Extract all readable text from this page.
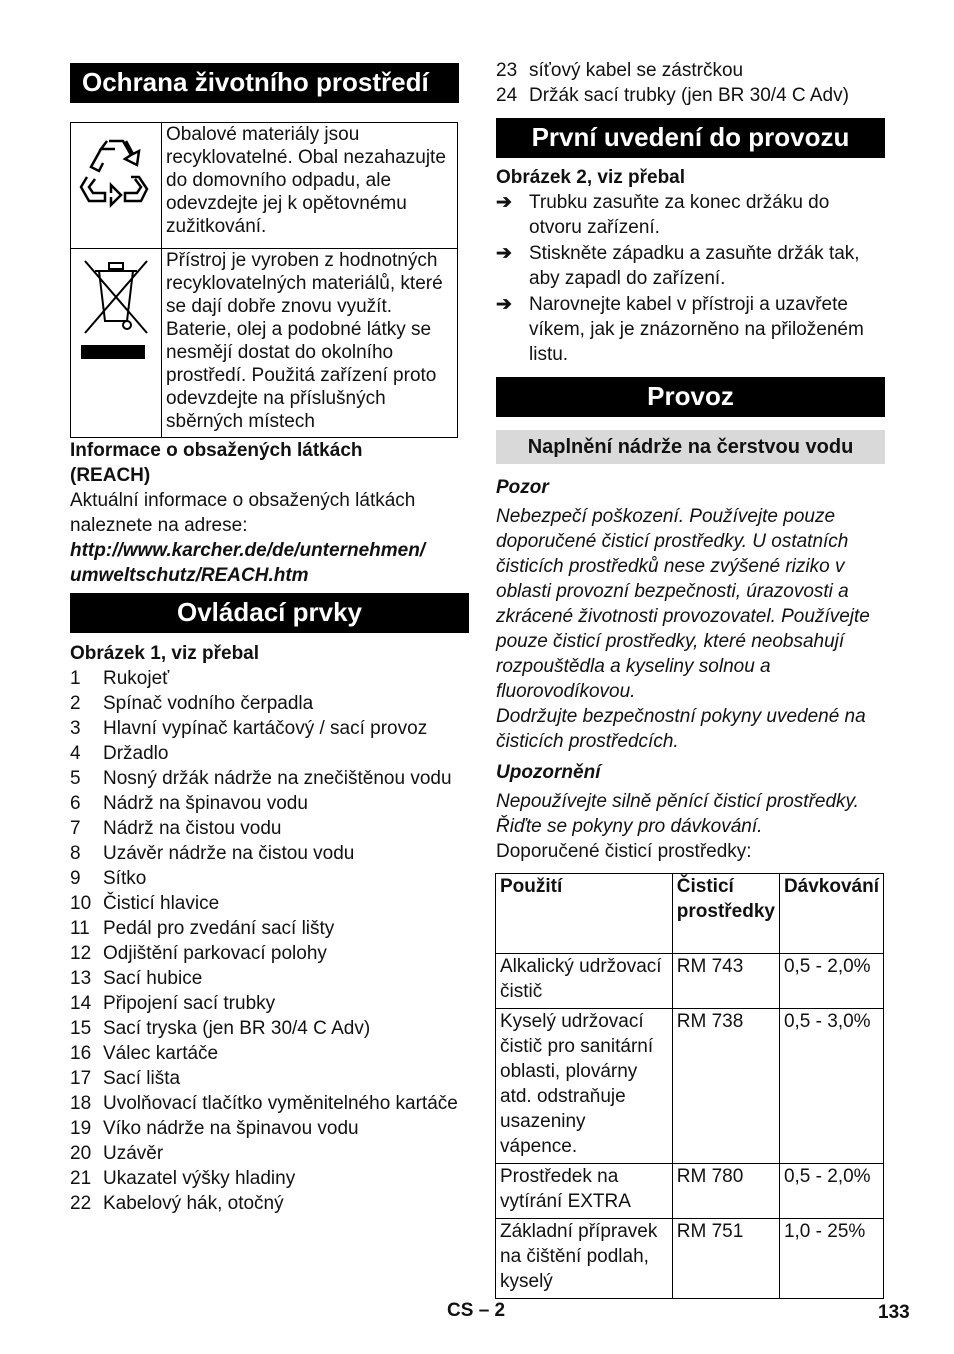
Ochrana životního prostředí
	Obalové materiály jsou recyklovatelné. Obal nezahazujte do domovního odpadu, ale odevzdejte jej k opětovnému zužitkování.
	Přístroj je vyroben z hodnotných recyklovatelných materiálů, které se dají dobře znovu využít. Baterie, olej a podobné látky se nesmějí dostat do okolního prostředí. Použitá zařízení proto odevzdejte na příslušných sběrných místech
Informace o obsažených látkách
(REACH)
Aktuální informace o obsažených látkách naleznete na adrese:
http://www.karcher.de/de/unternehmen/
umweltschutz/REACH.htm
Ovládací prvky
Obrázek 1, viz přebal
1	Rukojeť
2	Spínač vodního čerpadla
3	Hlavní vypínač kartáčový / sací provoz
4	Držadlo
5	Nosný držák nádrže na znečištěnou vodu
6	Nádrž na špinavou vodu
7	Nádrž na čistou vodu
8	Uzávěr nádrže na čistou vodu
9	Sítko
10 Čisticí hlavice
11 Pedál pro zvedání sací lišty
12 Odjištění parkovací polohy
13 Sací hubice
14 Připojení sací trubky
15 Sací tryska (jen BR 30/4 C Adv)
16 Válec kartáče
17 Sací lišta
18 Uvolňovací tlačítko vyměnitelného kartáče
19 Víko nádrže na špinavou vodu
20 Uzávěr
21 Ukazatel výšky hladiny
22 Kabelový hák, otočný
23 síťový kabel se zástrčkou
24 Držák sací trubky (jen BR 30/4 C Adv)
První uvedení do provozu
Obrázek 2, viz přebal
➔ Trubku zasuňte za konec držáku do otvoru zařízení.
➔ Stiskněte západku a zasuňte držák tak, aby zapadl do zařízení.
➔ Narovnejte kabel v přístroji a uzavřete víkem, jak je znázorněno na přiloženém listu.
Provoz
Naplnění nádrže na čerstvou vodu
Pozor
Nebezpečí poškození. Používejte pouze doporučené čisticí prostředky. U ostatních čisticích prostředků nese zvýšené riziko v oblasti provozní bezpečnosti, úrazovosti a zkrácené životnosti provozovatel. Používejte pouze čisticí prostředky, které neobsahují rozpouštědla a kyseliny solnou a fluorovodíkovou.
Dodržujte bezpečnostní pokyny uvedené na čisticích prostředcích.
Upozornění
Nepoužívejte silně pěnící čisticí prostředky. Řiďte se pokyny pro dávkování.
Doporučené čisticí prostředky:
Použití	Čisticí prostředky	Dávkování
Alkalický udržovací čistič	RM 743	0,5 - 2,0%
Kyselý udržovací čistič pro sanitární oblasti, plovárny atd. odstraňuje usazeniny vápence.	RM 738	0,5 - 3,0%
Prostředek na vytírání EXTRA	RM 780	0,5 - 2,0%
Základní přípravek na čištění podlah, kyselý	RM 751	1,0 - 25%
CS – 2	133
